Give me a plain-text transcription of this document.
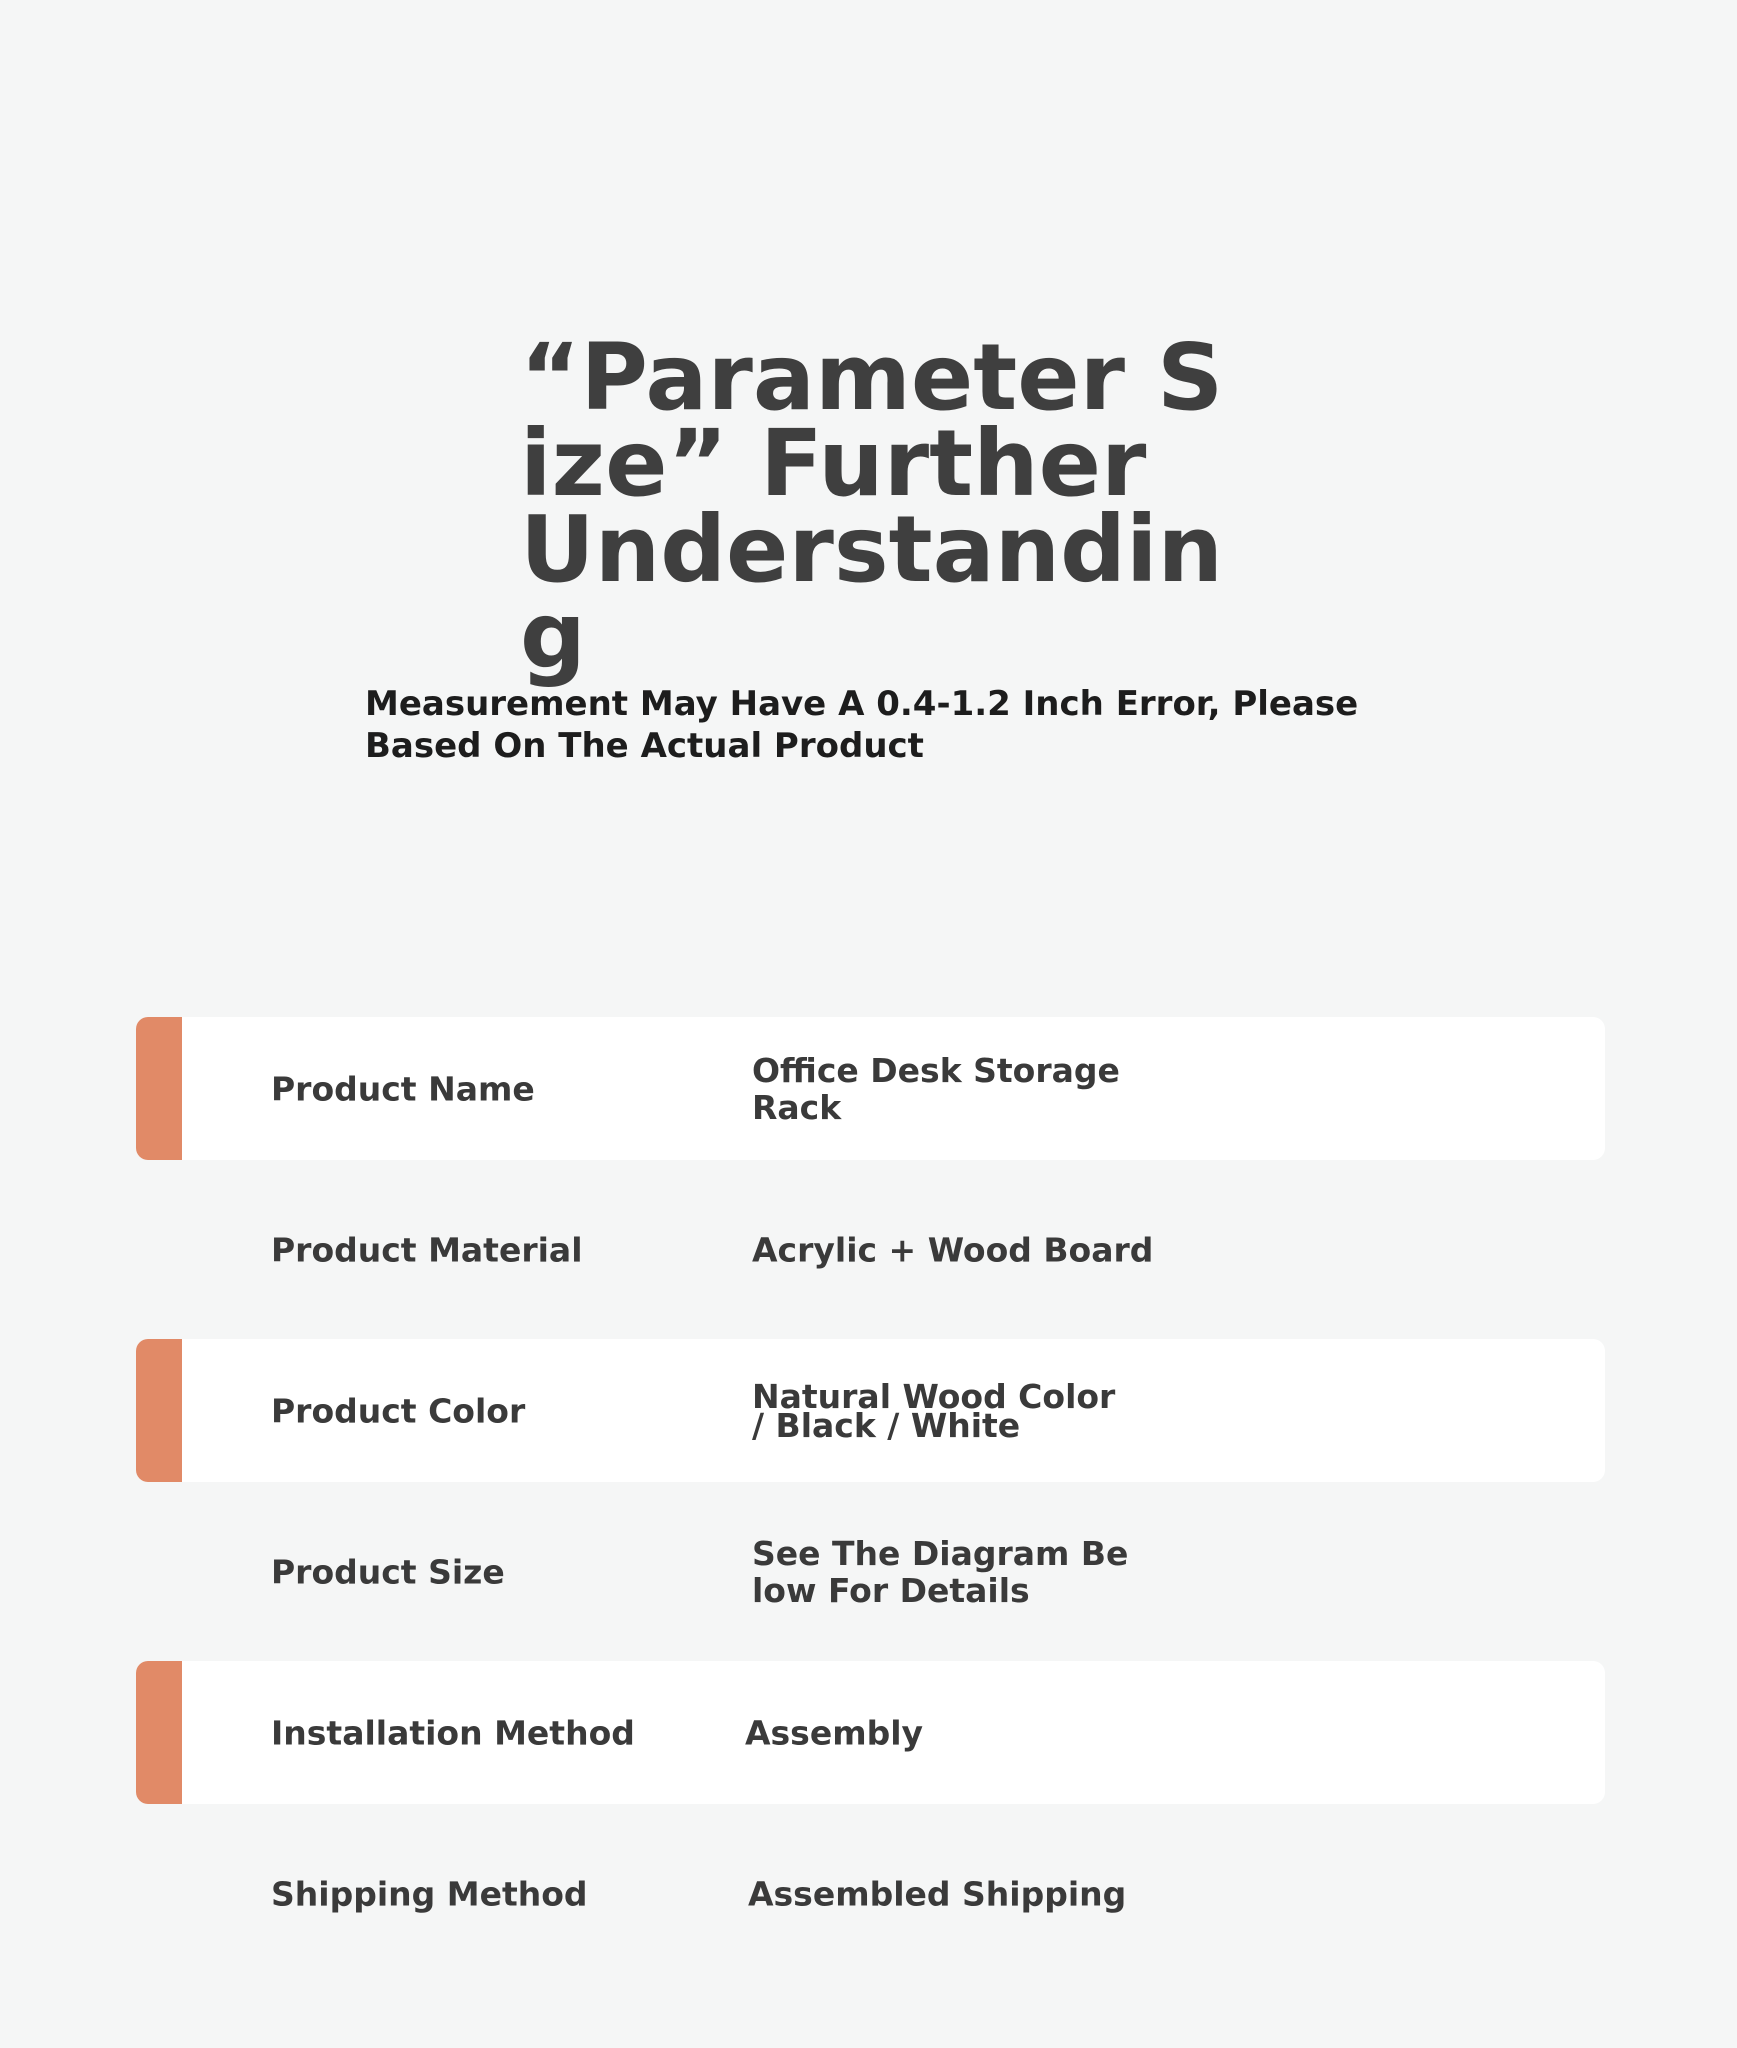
“Parameter Size” Further Understanding

Measurement May Have A 0.4-1.2 Inch Error, Please Based On The Actual Product

Product Name	Office Desk Storage Rack
Product Material	Acrylic + Wood Board
Product Color	Natural Wood Color / Black / White
Product Size	See The Diagram Below For Details
Installation Method	Assembly
Shipping Method	Assembled Shipping
